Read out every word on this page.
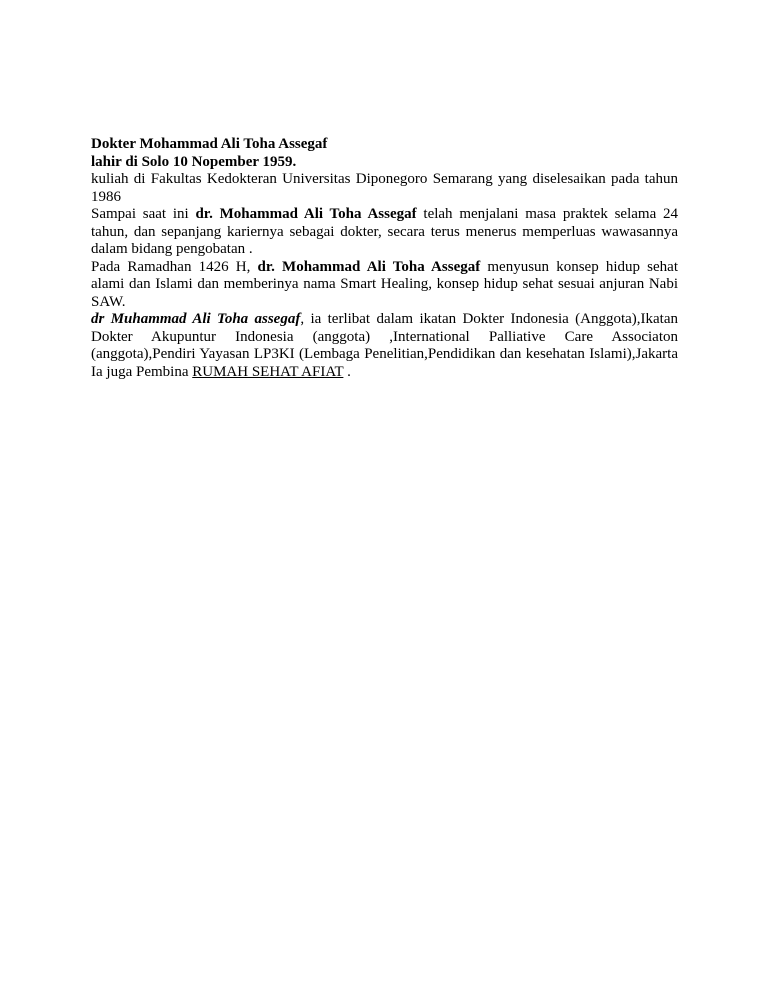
Dokter Mohammad Ali Toha Assegaf
lahir di Solo 10 Nopember 1959.
kuliah di Fakultas Kedokteran Universitas Diponegoro Semarang yang diselesaikan pada tahun
1986
Sampai saat ini dr. Mohammad Ali Toha Assegaf telah menjalani masa praktek selama 24
tahun, dan sepanjang kariernya sebagai dokter, secara terus menerus memperluas wawasannya
dalam bidang pengobatan .
Pada Ramadhan 1426 H, dr. Mohammad Ali Toha Assegaf menyusun konsep hidup sehat
alami dan Islami dan memberinya nama Smart Healing, konsep hidup sehat sesuai anjuran Nabi
SAW.
dr Muhammad Ali Toha assegaf, ia terlibat dalam ikatan Dokter Indonesia (Anggota),Ikatan
Dokter Akupuntur Indonesia (anggota) ,International Palliative Care Associaton
(anggota),Pendiri Yayasan LP3KI (Lembaga Penelitian,Pendidikan dan kesehatan Islami),Jakarta
Ia juga Pembina RUMAH SEHAT AFIAT .
